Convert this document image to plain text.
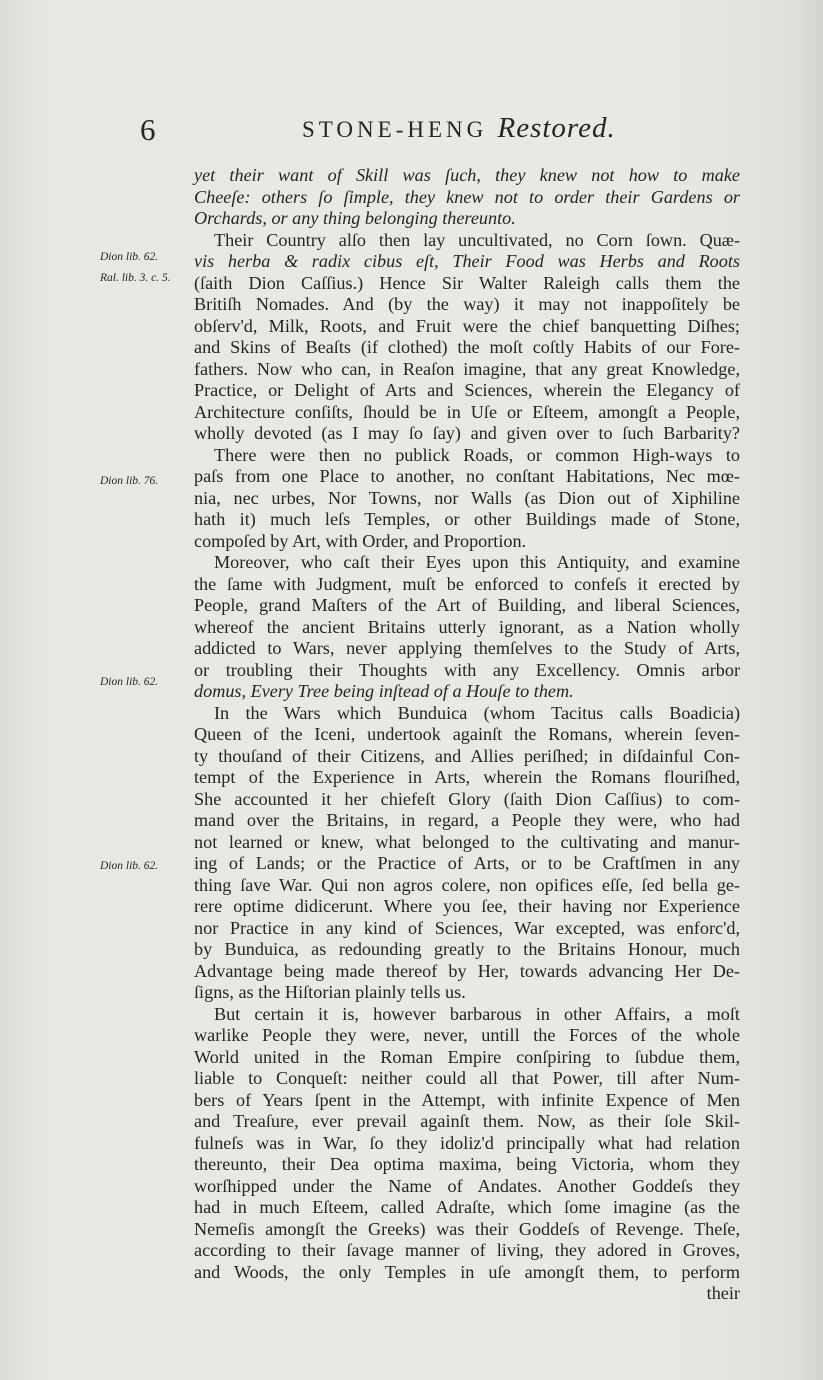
6	STONE-HENG Restored.
Dion lib. 62.
Ral. lib. 3. c. 5.
Dion lib. 76.
Dion lib. 62.
Dion lib. 62.
yet their want of Skill was ſuch, they knew not how to make
Cheeſe: others ſo ſimple, they knew not to order their Gardens or
Orchards, or any thing belonging thereunto.
Their Country alſo then lay uncultivated, no Corn ſown. Quæ-
vis herba & radix cibus eſt, Their Food was Herbs and Roots
(ſaith Dion Caſſius.) Hence Sir Walter Raleigh calls them the
Britiſh Nomades. And (by the way) it may not inappoſitely be
obſerv'd, Milk, Roots, and Fruit were the chief banquetting Diſhes;
and Skins of Beaſts (if clothed) the moſt coſtly Habits of our Fore-
fathers. Now who can, in Reaſon imagine, that any great Knowledge,
Practice, or Delight of Arts and Sciences, wherein the Elegancy of
Architecture conſiſts, ſhould be in Uſe or Eſteem, amongſt a People,
wholly devoted (as I may ſo ſay) and given over to ſuch Barbarity?
There were then no publick Roads, or common High-ways to
paſs from one Place to another, no conſtant Habitations, Nec mœ-
nia, nec urbes, Nor Towns, nor Walls (as Dion out of Xiphiline
hath it) much leſs Temples, or other Buildings made of Stone,
compoſed by Art, with Order, and Proportion.
Moreover, who caſt their Eyes upon this Antiquity, and examine
the ſame with Judgment, muſt be enforced to confeſs it erected by
People, grand Maſters of the Art of Building, and liberal Sciences,
whereof the ancient Britains utterly ignorant, as a Nation wholly
addicted to Wars, never applying themſelves to the Study of Arts,
or troubling their Thoughts with any Excellency. Omnis arbor
domus, Every Tree being inſtead of a Houſe to them.
In the Wars which Bunduica (whom Tacitus calls Boadicia)
Queen of the Iceni, undertook againſt the Romans, wherein ſeven-
ty thouſand of their Citizens, and Allies periſhed; in diſdainful Con-
tempt of the Experience in Arts, wherein the Romans flouriſhed,
She accounted it her chiefeſt Glory (ſaith Dion Caſſius) to com-
mand over the Britains, in regard, a People they were, who had
not learned or knew, what belonged to the cultivating and manur-
ing of Lands; or the Practice of Arts, or to be Craftſmen in any
thing ſave War. Qui non agros colere, non opifices eſſe, ſed bella ge-
rere optime didicerunt. Where you ſee, their having nor Experience
nor Practice in any kind of Sciences, War excepted, was enforc'd,
by Bunduica, as redounding greatly to the Britains Honour, much
Advantage being made thereof by Her, towards advancing Her De-
ſigns, as the Hiſtorian plainly tells us.
But certain it is, however barbarous in other Affairs, a moſt
warlike People they were, never, untill the Forces of the whole
World united in the Roman Empire conſpiring to ſubdue them,
liable to Conqueſt: neither could all that Power, till after Num-
bers of Years ſpent in the Attempt, with infinite Expence of Men
and Treaſure, ever prevail againſt them. Now, as their ſole Skil-
fulneſs was in War, ſo they idoliz'd principally what had relation
thereunto, their Dea optima maxima, being Victoria, whom they
worſhipped under the Name of Andates. Another Goddeſs they
had in much Eſteem, called Adraſte, which ſome imagine (as the
Nemeſis amongſt the Greeks) was their Goddeſs of Revenge. Theſe,
according to their ſavage manner of living, they adored in Groves,
and Woods, the only Temples in uſe amongſt them, to perform
their
